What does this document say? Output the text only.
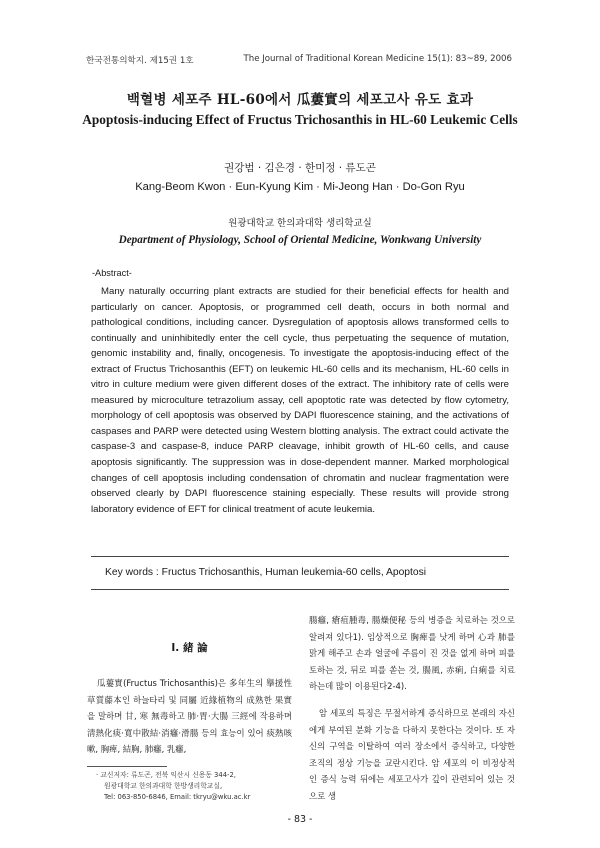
한국전통의학지. 제15권 1호	The Journal of Traditional Korean Medicine 15(1): 83~89, 2006
백혈병 세포주 HL-60에서 瓜蔞實의 세포고사 유도 효과
Apoptosis-inducing Effect of Fructus Trichosanthis in HL-60 Leukemic Cells
권강범 · 김은경 · 한미정 · 류도곤
Kang-Beom Kwon · Eun-Kyung Kim · Mi-Jeong Han · Do-Gon Ryu
원광대학교 한의과대학 생리학교실
Department of Physiology, School of Oriental Medicine, Wonkwang University
-Abstract-

Many naturally occurring plant extracts are studied for their beneficial effects for health and particularly on cancer. Apoptosis, or programmed cell death, occurs in both normal and pathological conditions, including cancer. Dysregulation of apoptosis allows transformed cells to continually and uninhibitedly enter the cell cycle, thus perpetuating the sequence of mutation, genomic instability and, finally, oncogenesis. To investigate the apoptosis-inducing effect of the extract of Fructus Trichosanthis (EFT) on leukemic HL-60 cells and its mechanism, HL-60 cells in vitro in culture medium were given different doses of the extract. The inhibitory rate of cells were measured by microculture tetrazolium assay, cell apoptotic rate was detected by flow cytometry, morphology of cell apoptosis was observed by DAPI fluorescence staining, and the activations of caspases and PARP were detected using Western blotting analysis. The extract could activate the caspase-3 and caspase-8, induce PARP cleavage, inhibit growth of HL-60 cells, and cause apoptosis significantly. The suppression was in dose-dependent manner. Marked morphological changes of cell apoptosis including condensation of chromatin and nuclear fragmentation were observed clearly by DAPI fluorescence staining especially. These results will provide strong laboratory evidence of EFT for clinical treatment of acute leukemia.

Key words : Fructus Trichosanthis, Human leukemia-60 cells, Apoptosi
I. 緒 論

瓜蔞實(Fructus Trichosanthis)은 多年生의 擧援性草質藤本인 하늘타리 및 同屬 近緣植物의 成熟한 果實을 말하며 甘, 寒 無毒하고 肺·胃·大腸 三經에 작용하며 淸熱化痰·寬中散結·消癰·滑腸 등의 효능이 있어 痰熱咳嗽, 胸痺, 結胸, 肺癰, 乳癰,

腸癰, 瘡疽腫毒, 腸燥便秘 등의 병증을 치료하는 것으로 알려져 있다1). 임상적으로 胸痺를 낫게 하며 心과 肺를 맑게 해주고 손과 얼굴에 주름이 진 것을 없게 하며 피를 토하는 것, 뒤로 피를 쏟는 것, 腸風, 赤痢, 白痢를 치료하는데 많이 이용된다2-4).

암 세포의 특징은 무절서하게 증식하므로 본래의 자신에게 부여된 분화 기능을 다하지 못한다는 것이다. 또 자신의 구역을 이탈하여 여러 장소에서 증식하고, 다양한 조직의 정상 기능을 교란시킨다. 암 세포의 이 비정상적인 증식 능력 뒤에는 세포고사가 깊이 관련되어 있는 것으로 생

· 교신저자: 류도곤, 전북 익산시 신용동 344-2,
원광대학교 한의과대학 한방생리학교실,
Tel: 063-850-6846, Email: tkryu@wku.ac.kr
- 83 -
